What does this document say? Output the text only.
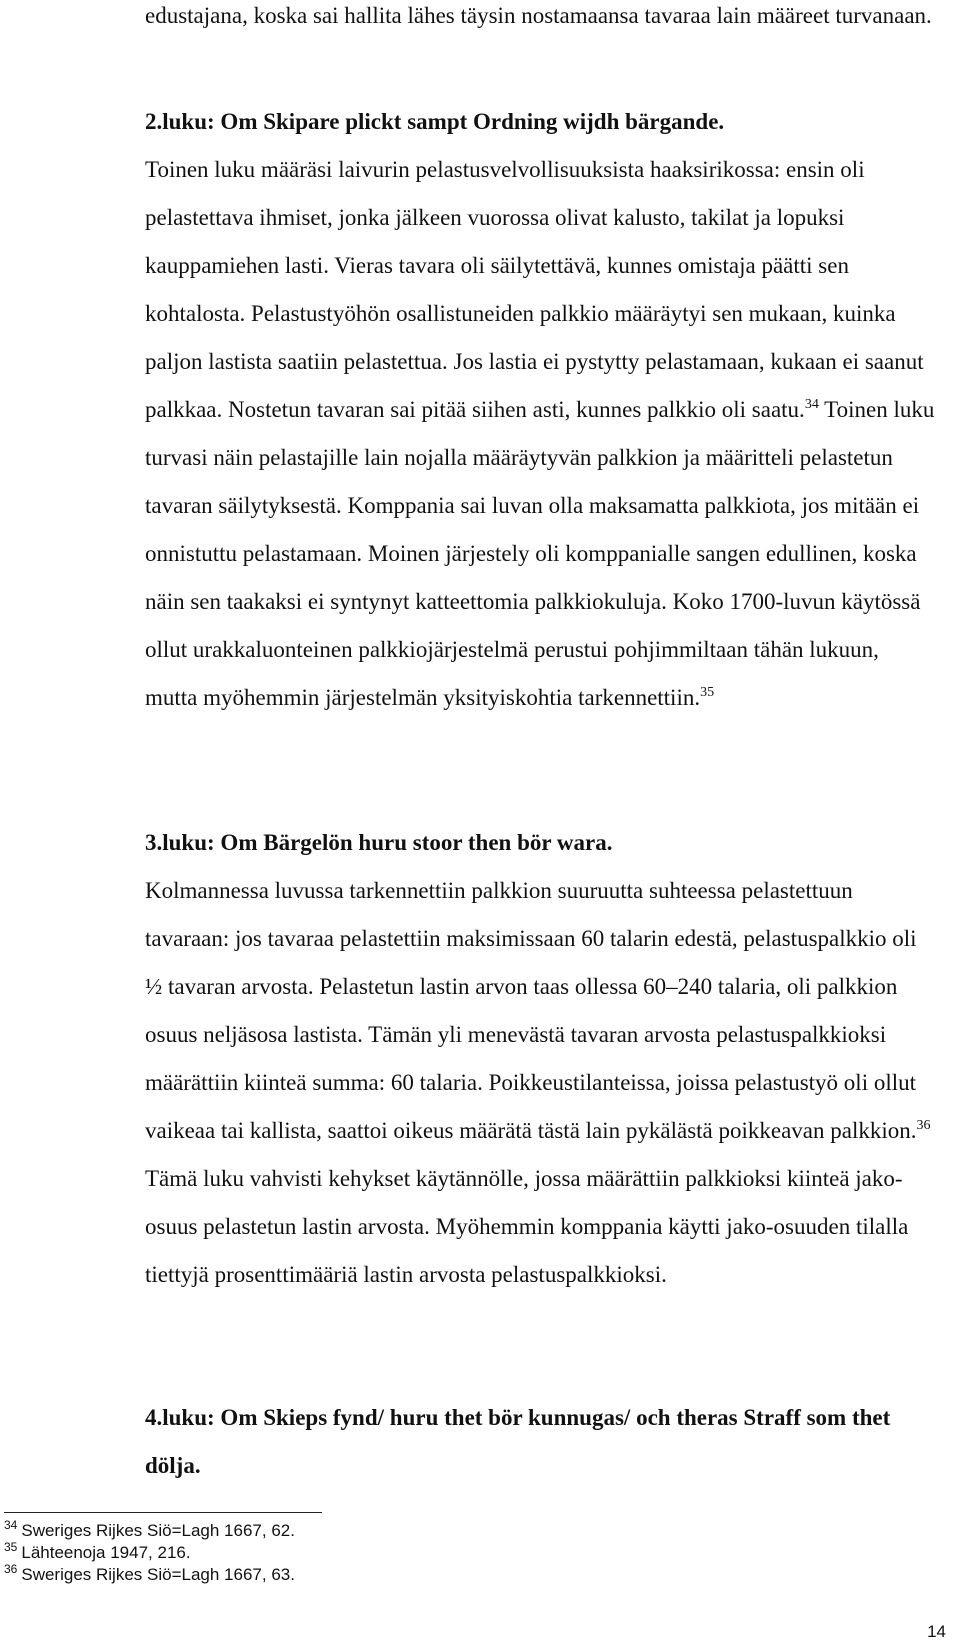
edustajana, koska sai hallita lähes täysin nostamaansa tavaraa lain määreet turvanaan.

2.luku: Om Skipare plickt sampt Ordning wijdh bärgande.

Toinen luku määräsi laivurin pelastusvelvollisuuksista haaksirikossa: ensin oli pelastettava ihmiset, jonka jälkeen vuorossa olivat kalusto, takilat ja lopuksi kauppamiehen lasti. Vieras tavara oli säilytettävä, kunnes omistaja päätti sen kohtalosta. Pelastustyöhön osallistuneiden palkkio määräytyi sen mukaan, kuinka paljon lastista saatiin pelastettua. Jos lastia ei pystytty pelastamaan, kukaan ei saanut palkkaa. Nostetun tavaran sai pitää siihen asti, kunnes palkkio oli saatu.$^{34}$ Toinen luku turvasi näin pelastajille lain nojalla määräytyvän palkkion ja määritteli pelastetun tavaran säilytyksestä. Komppania sai luvan olla maksamatta palkkiota, jos mitään ei onnistuttu pelastamaan. Moinen järjestely oli komppanialle sangen edullinen, koska näin sen taakaksi ei syntynyt katteettomia palkkiokuluja. Koko 1700-luvun käytössä ollut urakkaluonteinen palkkiojärjestelmä perustui pohjimmiltaan tähän lukuun, mutta myöhemmin järjestelmän yksityiskohtia tarkennettiin.$^{35}$

3.luku: Om Bärgelön huru stoor then bör wara.

Kolmannessa luvussa tarkennettiin palkkion suuruutta suhteessa pelastettuun tavaraan: jos tavaraa pelastettiin maksimissaan 60 talarin edestä, pelastuspalkkio oli ½ tavaran arvosta. Pelastetun lastin arvon taas ollessa 60–240 talaria, oli palkkion osuus neljäsosa lastista. Tämän yli menevästä tavaran arvosta pelastuspalkkioksi määrättiin kiinteä summa: 60 talaria. Poikkeustilanteissa, joissa pelastustyö oli ollut vaikeaa tai kallista, saattoi oikeus määrätä tästä lain pykälästä poikkeavan palkkion.$^{36}$ Tämä luku vahvisti kehykset käytännölle, jossa määrättiin palkkioksi kiinteä jako-osuus pelastetun lastin arvosta. Myöhemmin komppania käytti jako-osuuden tilalla tiettyjä prosenttimääriä lastin arvosta pelastuspalkkioksi.

4.luku: Om Skieps fynd/ huru thet bör kunnugas/ och theras Straff som thet dölja.

$^{34}$ Sweriges Rijkes Siö=Lagh 1667, 62.

$^{35}$ Lähteenoja 1947, 216.

$^{36}$ Sweriges Rijkes Siö=Lagh 1667, 63.

14
